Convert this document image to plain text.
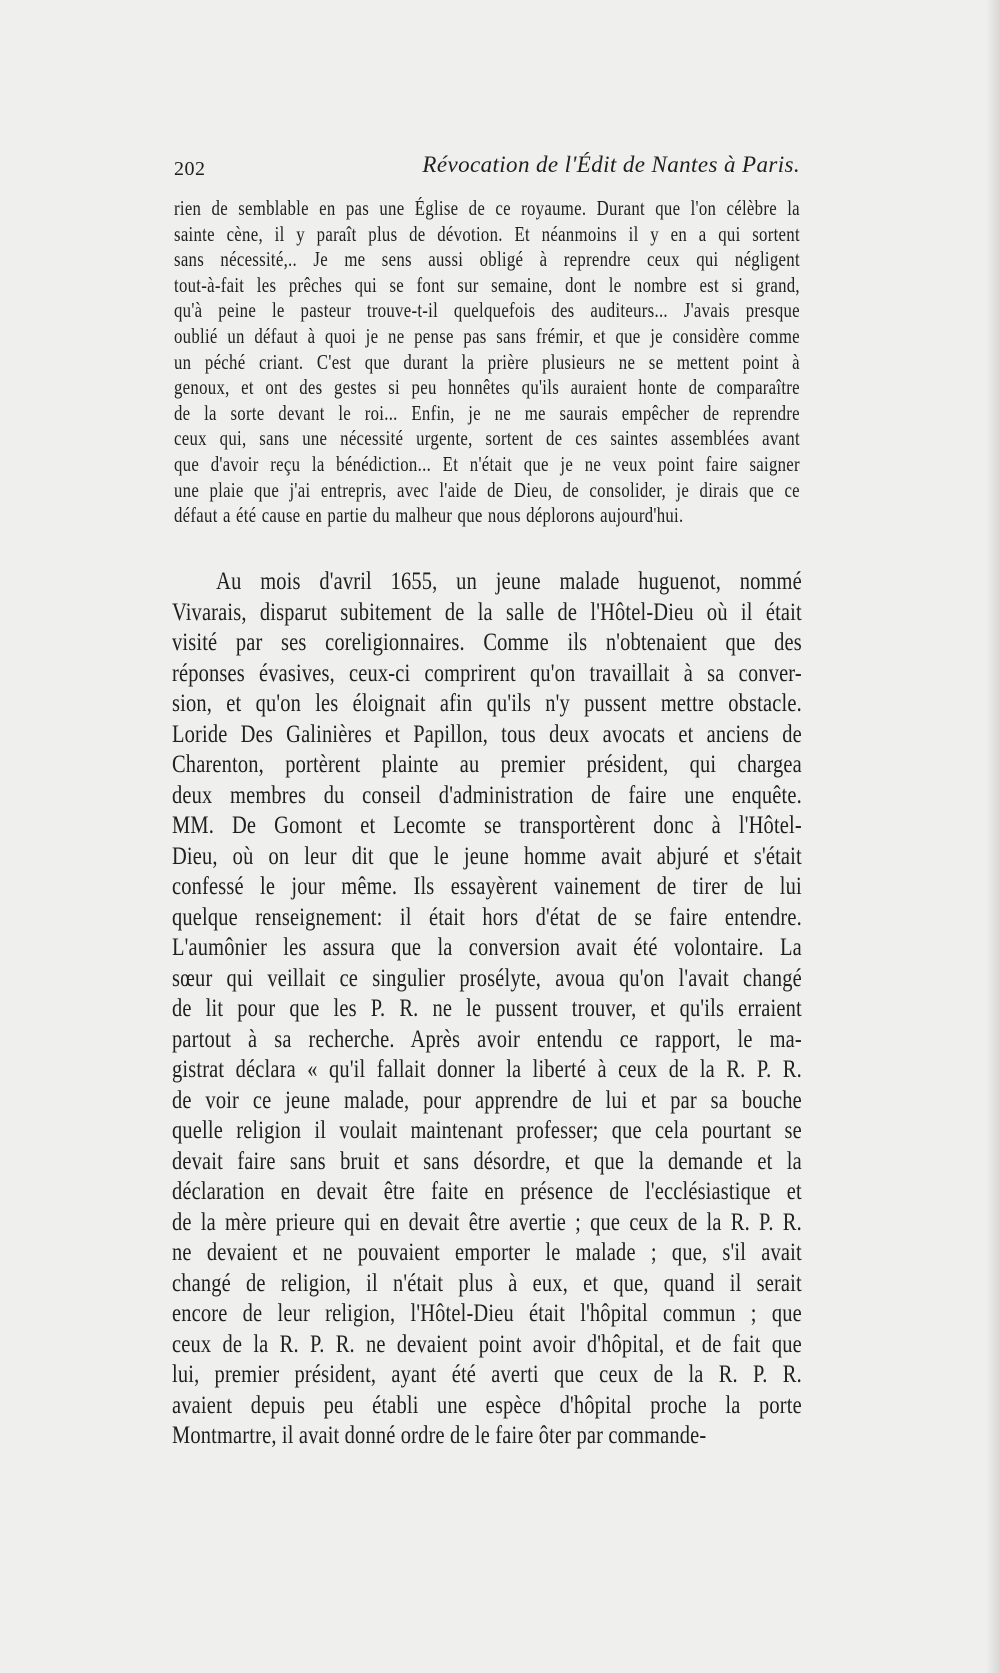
202	Révocation de l'Édit de Nantes à Paris.
rien de semblable en pas une Église de ce royaume. Durant que l'on célèbre la
sainte cène, il y paraît plus de dévotion. Et néanmoins il y en a qui sortent
sans nécessité,.. Je me sens aussi obligé à reprendre ceux qui négligent
tout-à-fait les prêches qui se font sur semaine, dont le nombre est si grand,
qu'à peine le pasteur trouve-t-il quelquefois des auditeurs... J'avais presque
oublié un défaut à quoi je ne pense pas sans frémir, et que je considère comme
un péché criant. C'est que durant la prière plusieurs ne se mettent point à
genoux, et ont des gestes si peu honnêtes qu'ils auraient honte de comparaître
de la sorte devant le roi... Enfin, je ne me saurais empêcher de reprendre
ceux qui, sans une nécessité urgente, sortent de ces saintes assemblées avant
que d'avoir reçu la bénédiction... Et n'était que je ne veux point faire saigner
une plaie que j'ai entrepris, avec l'aide de Dieu, de consolider, je dirais que ce
défaut a été cause en partie du malheur que nous déplorons aujourd'hui.
Au mois d'avril 1655, un jeune malade huguenot, nommé
Vivarais, disparut subitement de la salle de l'Hôtel-Dieu où il était
visité par ses coreligionnaires. Comme ils n'obtenaient que des
réponses évasives, ceux-ci comprirent qu'on travaillait à sa conver-
sion, et qu'on les éloignait afin qu'ils n'y pussent mettre obstacle.
Loride Des Galinières et Papillon, tous deux avocats et anciens de
Charenton, portèrent plainte au premier président, qui chargea
deux membres du conseil d'administration de faire une enquête.
MM. De Gomont et Lecomte se transportèrent donc à l'Hôtel-
Dieu, où on leur dit que le jeune homme avait abjuré et s'était
confessé le jour même. Ils essayèrent vainement de tirer de lui
quelque renseignement: il était hors d'état de se faire entendre.
L'aumônier les assura que la conversion avait été volontaire. La
sœur qui veillait ce singulier prosélyte, avoua qu'on l'avait changé
de lit pour que les P. R. ne le pussent trouver, et qu'ils erraient
partout à sa recherche. Après avoir entendu ce rapport, le ma-
gistrat déclara « qu'il fallait donner la liberté à ceux de la R. P. R.
de voir ce jeune malade, pour apprendre de lui et par sa bouche
quelle religion il voulait maintenant professer; que cela pourtant se
devait faire sans bruit et sans désordre, et que la demande et la
déclaration en devait être faite en présence de l'ecclésiastique et
de la mère prieure qui en devait être avertie ; que ceux de la R. P. R.
ne devaient et ne pouvaient emporter le malade ; que, s'il avait
changé de religion, il n'était plus à eux, et que, quand il serait
encore de leur religion, l'Hôtel-Dieu était l'hôpital commun ; que
ceux de la R. P. R. ne devaient point avoir d'hôpital, et de fait que
lui, premier président, ayant été averti que ceux de la R. P. R.
avaient depuis peu établi une espèce d'hôpital proche la porte
Montmartre, il avait donné ordre de le faire ôter par commande-
